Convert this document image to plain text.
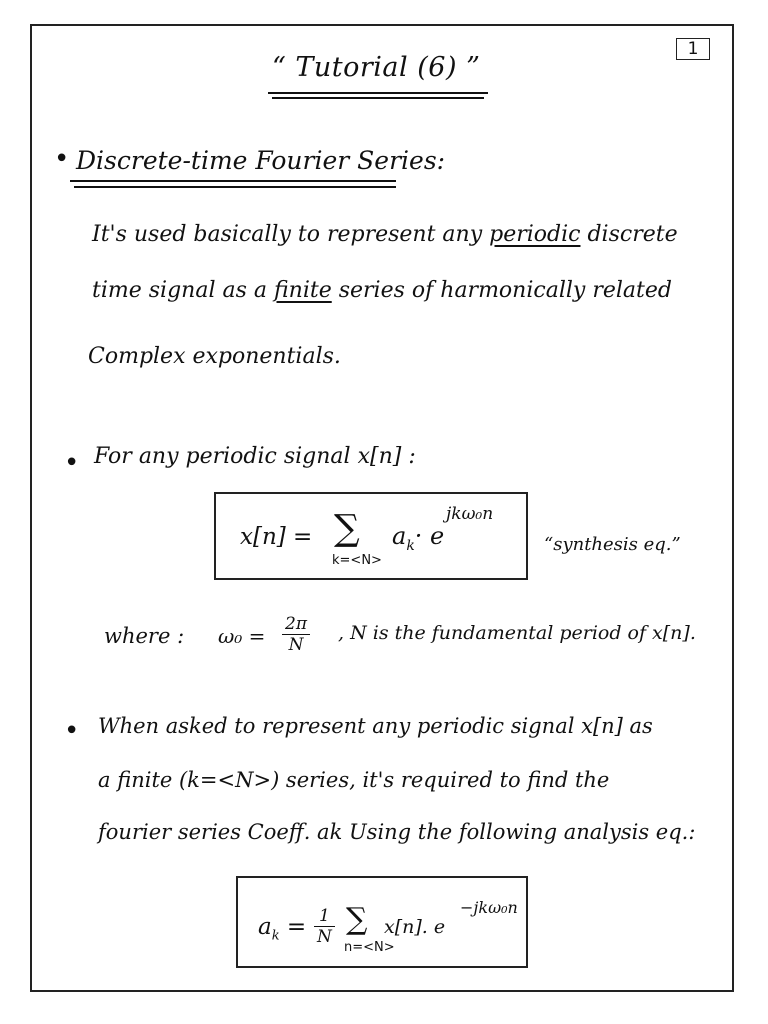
1
“ Tutorial (6) ”
• Discrete-time Fourier Series:
It's used basically to represent any periodic discrete
time signal as a finite series of harmonically related
Complex exponentials.
• For any periodic signal x[n] :
x[n] = ∑
k=<N>
$a_k\cdot e$
jkω₀n
“synthesis eq.”
where : $\omega_0 = \frac{2\pi}{N}$ , N is the fundamental period of x[n].
• When asked to represent any periodic signal x[n] as
a finite (k=<N>) series, it's required to find the
fourier series Coeff. ak Using the following analysis eq.:
$a_k = \frac{1}{N}$ ∑
n=<N>
x[n]. e
−jkω₀n
